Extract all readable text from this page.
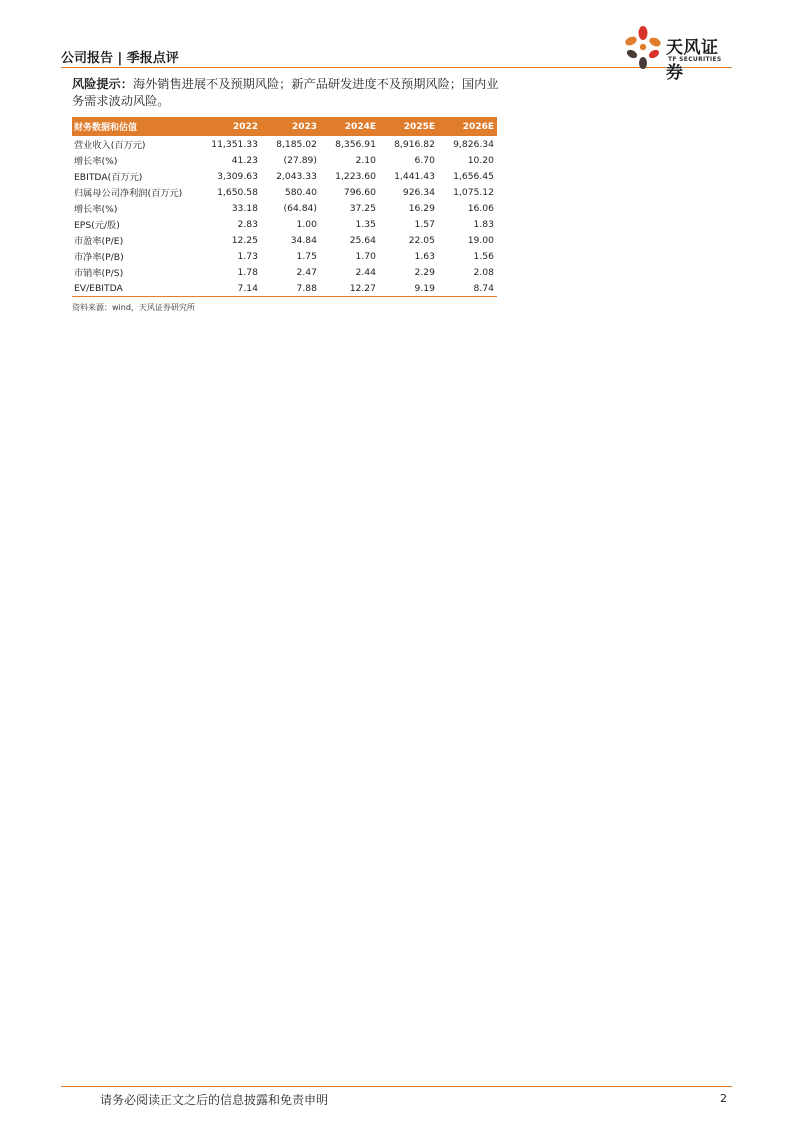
公司报告 | 季报点评
天风证券
TF SECURITIES
风险提示：海外销售进展不及预期风险；新产品研发进度不及预期风险；国内业务需求波动风险。
财务数据和估值	2022	2023	2024E	2025E	2026E
营业收入(百万元)	11,351.33	8,185.02	8,356.91	8,916.82	9,826.34
增长率(%)	41.23	(27.89)	2.10	6.70	10.20
EBITDA(百万元)	3,309.63	2,043.33	1,223.60	1,441.43	1,656.45
归属母公司净利润(百万元)	1,650.58	580.40	796.60	926.34	1,075.12
增长率(%)	33.18	(64.84)	37.25	16.29	16.06
EPS(元/股)	2.83	1.00	1.35	1.57	1.83
市盈率(P/E)	12.25	34.84	25.64	22.05	19.00
市净率(P/B)	1.73	1.75	1.70	1.63	1.56
市销率(P/S)	1.78	2.47	2.44	2.29	2.08
EV/EBITDA	7.14	7.88	12.27	9.19	8.74
资料来源：wind，天风证券研究所
请务必阅读正文之后的信息披露和免责申明	2
